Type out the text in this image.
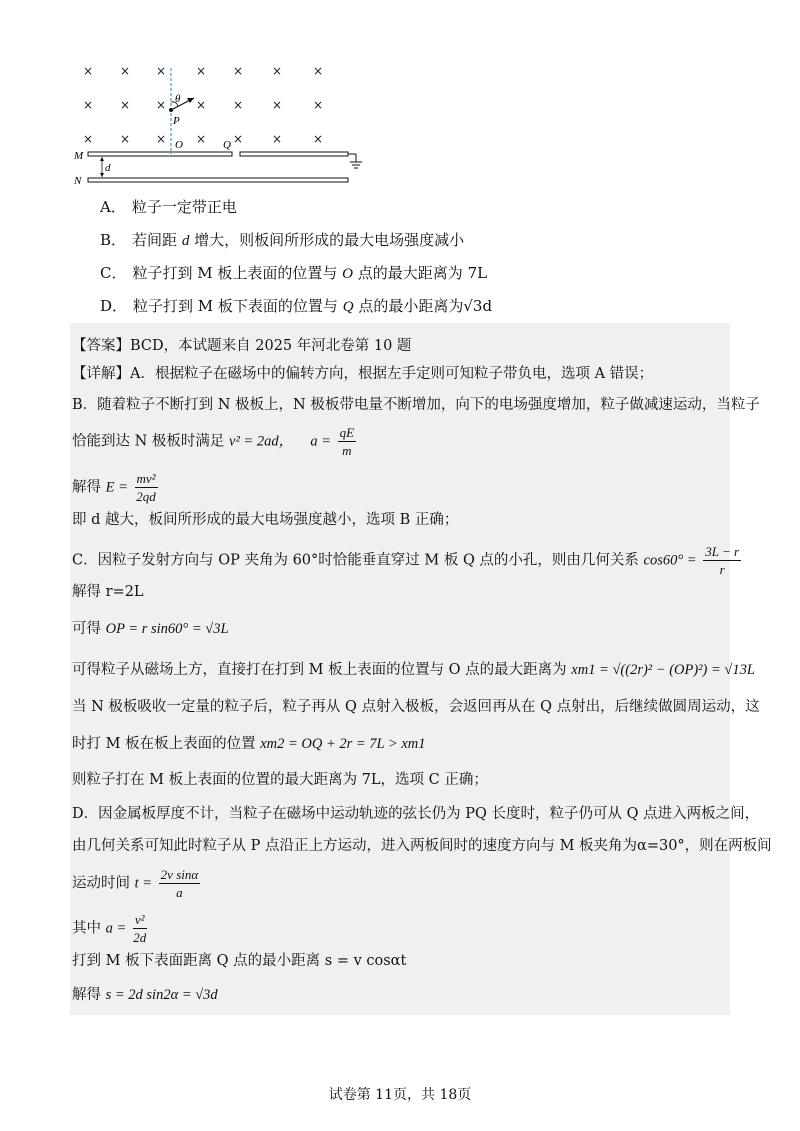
× × × × × ×	×
× × × × × ×	×
× × × × × ×	×
θ
P
O	Q
M
N
d
A． 粒子一定带正电
B． 若间距 d 增大，则板间所形成的最大电场强度减小
C． 粒子打到 M 板上表面的位置与 O 点的最大距离为 7L
D． 粒子打到 M 板下表面的位置与 Q 点的最小距离为√3d
【答案】BCD，本试题来自 2025 年河北卷第 10 题
【详解】A．根据粒子在磁场中的偏转方向，根据左手定则可知粒子带负电，选项 A 错误；
B．随着粒子不断打到 N 极板上，N 极板带电量不断增加，向下的电场强度增加，粒子做减速运动，当粒子
恰能到达 N 极板时满足 v² = 2ad， $a = \frac{qE}{m}$
解得 $E = \frac{\text{mv²}}{2qd}$
即 d 越大，板间所形成的最大电场强度越小，选项 B 正确；
C．因粒子发射方向与 OP 夹角为 60°时恰能垂直穿过 M 板 Q 点的小孔，则由几何关系 $\cos 60^\circ = \frac{3L - r}{r}$
解得 r=2L
可得 OP = r sin60° = √3L
可得粒子从磁场上方，直接打在打到 M 板上表面的位置与 O 点的最大距离为 xm1 = √((2r)² − (OP)²) = √13L
当 N 极板吸收一定量的粒子后，粒子再从 Q 点射入极板，会返回再从在 Q 点射出，后继续做圆周运动，这
时打 M 板在板上表面的位置 xm2 = OQ + 2r = 7L > xm1
则粒子打在 M 板上表面的位置的最大距离为 7L，选项 C 正确；
D．因金属板厚度不计，当粒子在磁场中运动轨迹的弦长仍为 PQ 长度时，粒子仍可从 Q 点进入两板之间，
由几何关系可知此时粒子从 P 点沿正上方运动，进入两板间时的速度方向与 M 板夹角为α=30°，则在两板间
运动时间 $t = \frac{\text{2v sinα}}{a}$
其中 $a = \frac{\text{v²}}{2d}$
打到 M 板下表面距离 Q 点的最小距离 s = v cosαt
解得 s = 2d sin2α = √3d
试卷第 11页，共 18页
